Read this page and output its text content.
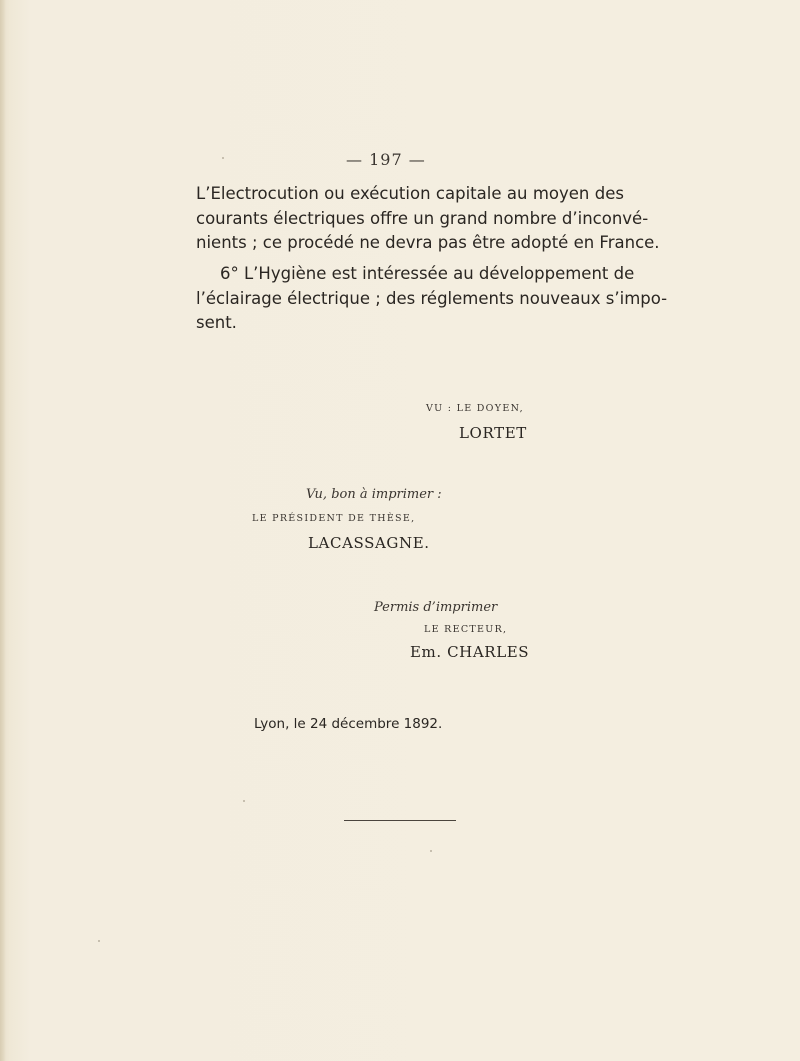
— 197 —
L’Electrocution ou exécution capitale au moyen des
courants électriques offre un grand nombre d’inconvé-
nients ; ce procédé ne devra pas être adopté en France.
6° L’Hygiène est intéressée au développement de
l’éclairage électrique ; des réglements nouveaux s’impo-
sent.
VU : LE DOYEN,
LORTET
Vu, bon à imprimer :
LE PRÉSIDENT DE THÈSE,
LACASSAGNE.
Permis d’imprimer
LE RECTEUR,
Em. CHARLES
Lyon, le 24 décembre 1892.
